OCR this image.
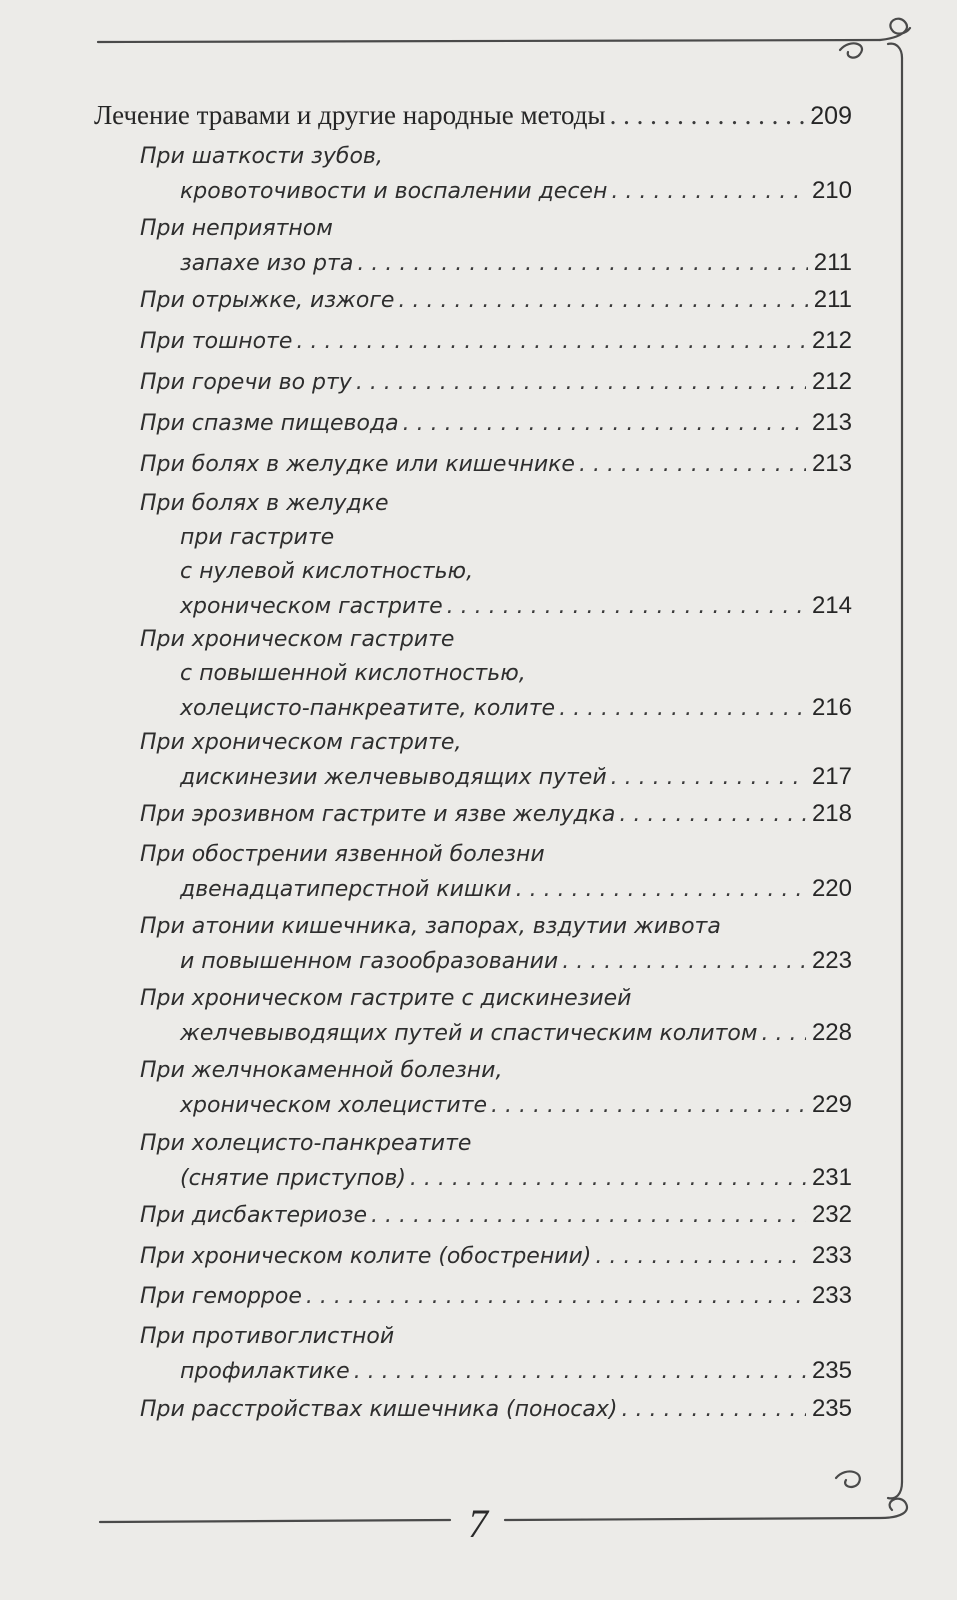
Лечение травами и другие народные методы . . .	209
При шаткости зубов,
кровоточивости и воспалении десен . . .	210
При неприятном
запахе изо рта . . .	211
При отрыжке, изжоге . . .	211
При тошноте . . .	212
При горечи во рту . . .	212
При спазме пищевода . . .	213
При болях в желудке или кишечнике . . .	213
При болях в желудке
при гастрите
с нулевой кислотностью,
хроническом гастрите . . .	214
При хроническом гастрите
с повышенной кислотностью,
холецисто-панкреатите, колите . . .	216
При хроническом гастрите,
дискинезии желчевыводящих путей . . .	217
При эрозивном гастрите и язве желудка . . .	218
При обострении язвенной болезни
двенадцатиперстной кишки . . .	220
При атонии кишечника, запорах, вздутии живота
и повышенном газообразовании . . .	223
При хроническом гастрите с дискинезией
желчевыводящих путей и спастическим колитом . . . 228
При желчнокаменной болезни,
хроническом холецистите . . .	229
При холецисто-панкреатите
(снятие приступов) . . .	231
При дисбактериозе . . .	232
При хроническом колите (обострении) . . .	233
При геморрое . . .	233
При противоглистной
профилактике . . .	235
При расстройствах кишечника (поносах) . . .	235
7
